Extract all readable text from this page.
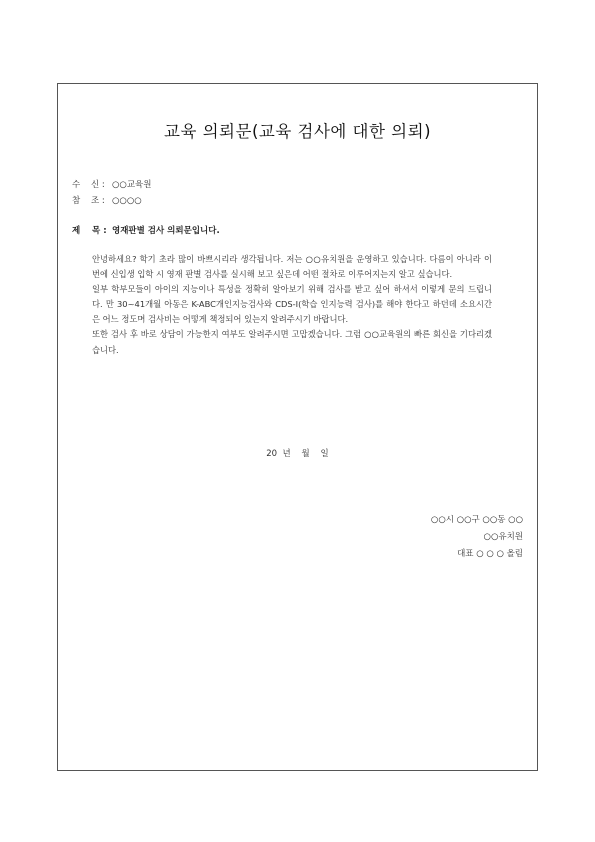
교육 의뢰문(교육 검사에 대한 의뢰)
수    신 : ○○교육원
참    조 : ○○○○
제    목 : 영재판별 검사 의뢰문입니다.

안녕하세요? 학기 초라 많이 바쁘시리라 생각됩니다. 저는 ○○유치원을 운영하고 있습니다. 다름이 아니라 이번에 신입생 입학 시 영재 판별 검사를 실시해 보고 싶은데 어떤 절차로 이루어지는지 알고 싶습니다.

일부 학부모들이 아이의 지능이나 특성을 정확히 알아보기 위해 검사를 받고 싶어 하셔서 이렇게 문의 드립니다. 만 30~41개월 아동은 K-ABC개인지능검사와 CDS-I(학습 인지능력 검사)를 해야 한다고 하던데 소요시간은 어느 정도며 검사비는 어떻게 책정되어 있는지 알려주시기 바랍니다.

또한 검사 후 바로 상담이 가능한지 여부도 알려주시면 고맙겠습니다. 그럼 ○○교육원의 빠른 회신을 기다리겠습니다.

20  년    월    일
○○시 ○○구 ○○동 ○○
○○유치원
대표 ○ ○ ○ 올림
